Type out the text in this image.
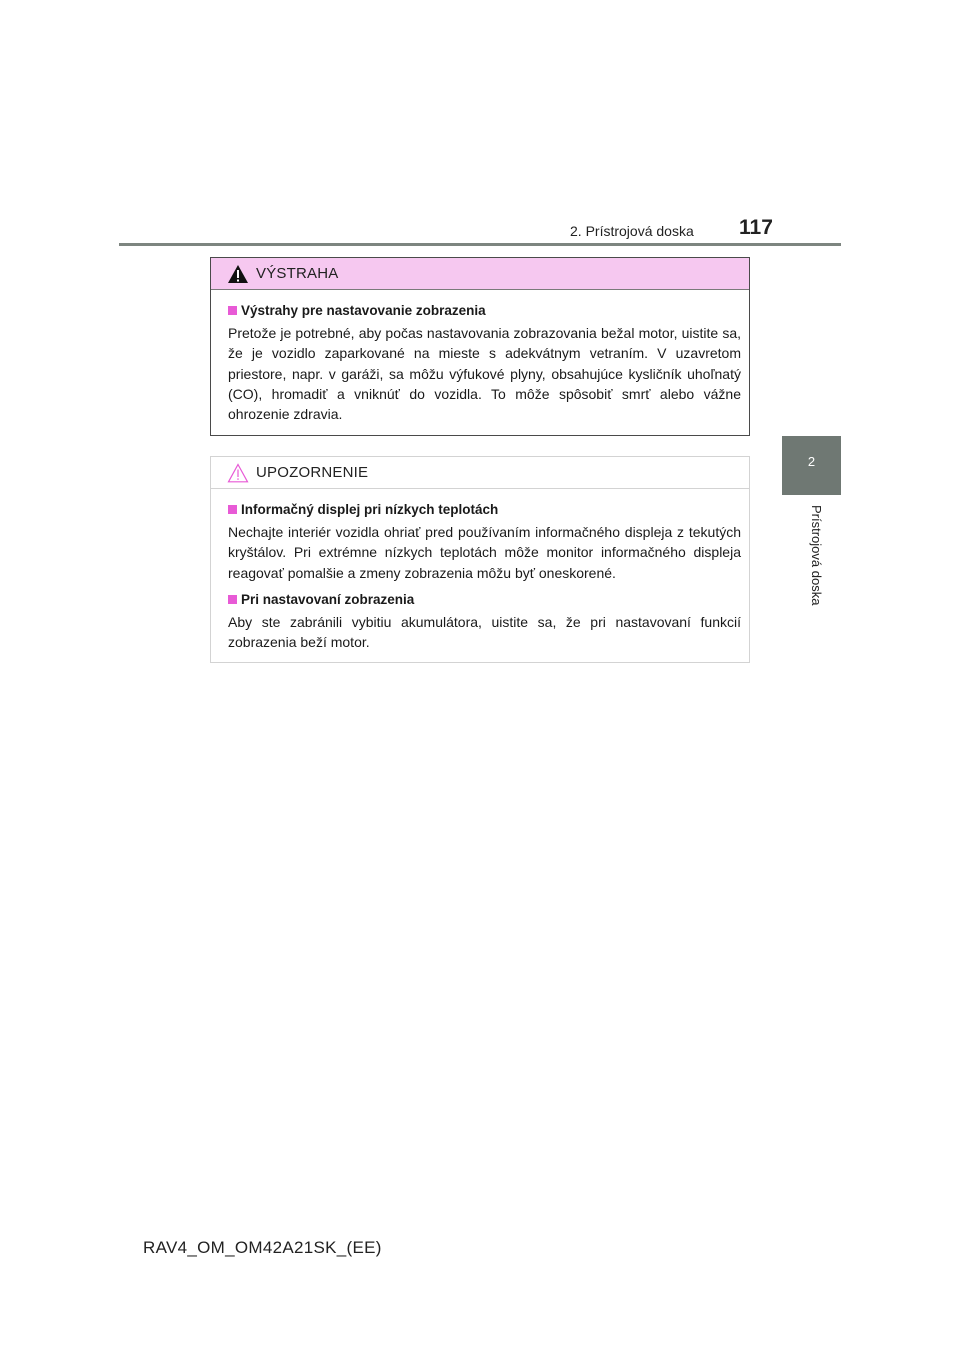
2. Prístrojová doska 117
2
Prístrojová doska
VÝSTRAHA

Výstrahy pre nastavovanie zobrazenia

Pretože je potrebné, aby počas nastavovania zobrazovania bežal motor, uistite sa, že je vozidlo zaparkované na mieste s adekvátnym vetraním. V uzavretom priestore, napr. v garáži, sa môžu výfukové plyny, obsahujúce kysličník uhoľnatý (CO), hromadiť a vniknúť do vozidla. To môže spôsobiť smrť alebo vážne ohrozenie zdravia.

UPOZORNENIE

Informačný displej pri nízkych teplotách

Nechajte interiér vozidla ohriať pred používaním informačného displeja z tekutých kryštálov. Pri extrémne nízkych teplotách môže monitor informačného displeja reagovať pomalšie a zmeny zobrazenia môžu byť oneskorené.

Pri nastavovaní zobrazenia

Aby ste zabránili vybitiu akumulátora, uistite sa, že pri nastavovaní funkcií zobrazenia beží motor.

RAV4_OM_OM42A21SK_(EE)
